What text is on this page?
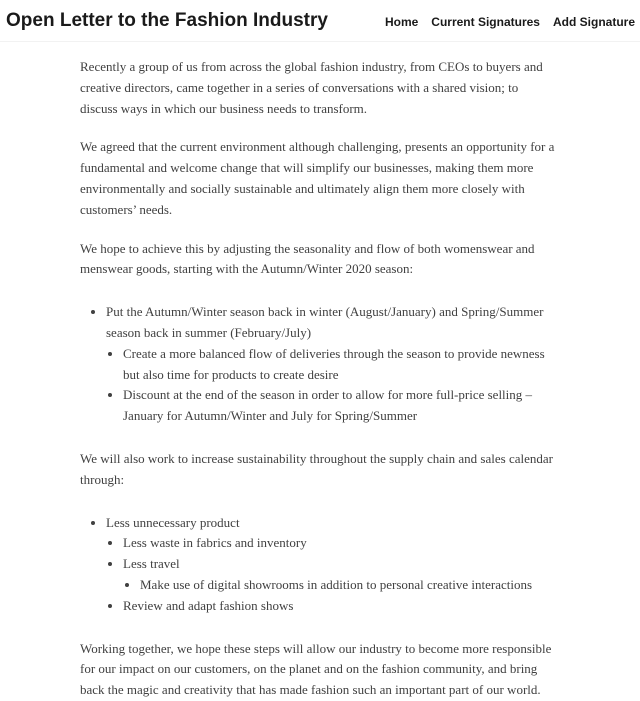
Open Letter to the Fashion Industry	Home Current Signatures Add Signature

Recently a group of us from across the global fashion industry, from CEOs to buyers and creative directors, came together in a series of conversations with a shared vision; to discuss ways in which our business needs to transform.

We agreed that the current environment although challenging, presents an opportunity for a fundamental and welcome change that will simplify our businesses, making them more environmentally and socially sustainable and ultimately align them more closely with customers’ needs.

We hope to achieve this by adjusting the seasonality and flow of both womenswear and menswear goods, starting with the Autumn/Winter 2020 season:

• Put the Autumn/Winter season back in winter (August/January) and Spring/Summer season back in summer (February/July)
• Create a more balanced flow of deliveries through the season to provide newness but also time for products to create desire
• Discount at the end of the season in order to allow for more full-price selling – January for Autumn/Winter and July for Spring/Summer

We will also work to increase sustainability throughout the supply chain and sales calendar through:

• Less unnecessary product
• Less waste in fabrics and inventory
• Less travel
• Make use of digital showrooms in addition to personal creative interactions
• Review and adapt fashion shows

Working together, we hope these steps will allow our industry to become more responsible for our impact on our customers, on the planet and on the fashion community, and bring back the magic and creativity that has made fashion such an important part of our world.
